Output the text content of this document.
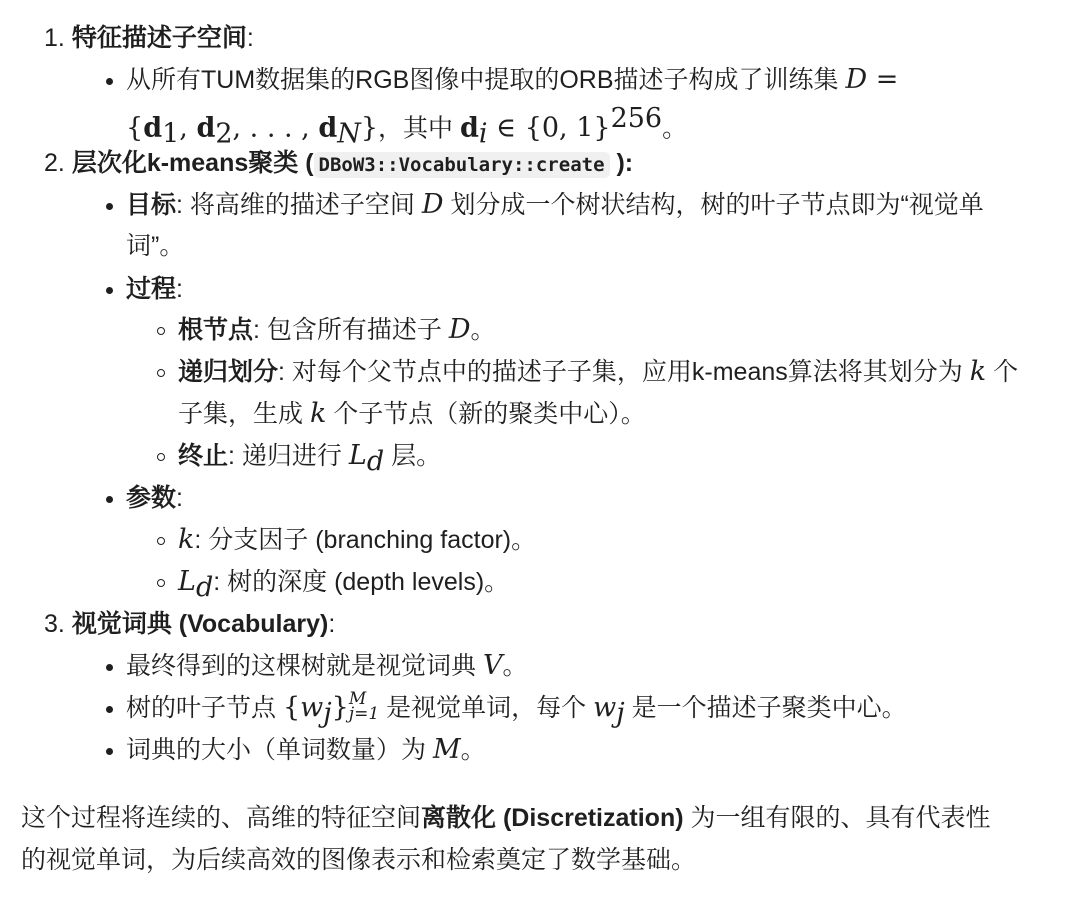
1. 特征描述子空间:
从所有TUM数据集的RGB图像中提取的ORB描述子构成了训练集 D =
{$d_1$, $d_2$, . . . , $d_N$}，其中 $d_i$ ∈ {0, 1}$^{256}$。
2. 层次化k-means聚类 ( DBoW3::Vocabulary::create ):
目标: 将高维的描述子空间 D 划分成一个树状结构，树的叶子节点即为“视觉单
词”。
过程:
根节点: 包含所有描述子 D。
递归划分: 对每个父节点中的描述子子集，应用k-means算法将其划分为 k 个
子集，生成 k 个子节点（新的聚类中心）。
终止: 递归进行 $L_d$ 层。
参数:
k: 分支因子 (branching factor)。
$L_d$: 树的深度 (depth levels)。
3. 视觉词典 (Vocabulary):
最终得到的这棵树就是视觉词典 V。
树的叶子节点 $\{w_j\}$ M
j=1 是视觉单词，每个 $w_j$ 是一个描述子聚类中心。
词典的大小（单词数量）为 M。
这个过程将连续的、高维的特征空间离散化 (Discretization) 为一组有限的、具有代表性
的视觉单词，为后续高效的图像表示和检索奠定了数学基础。
